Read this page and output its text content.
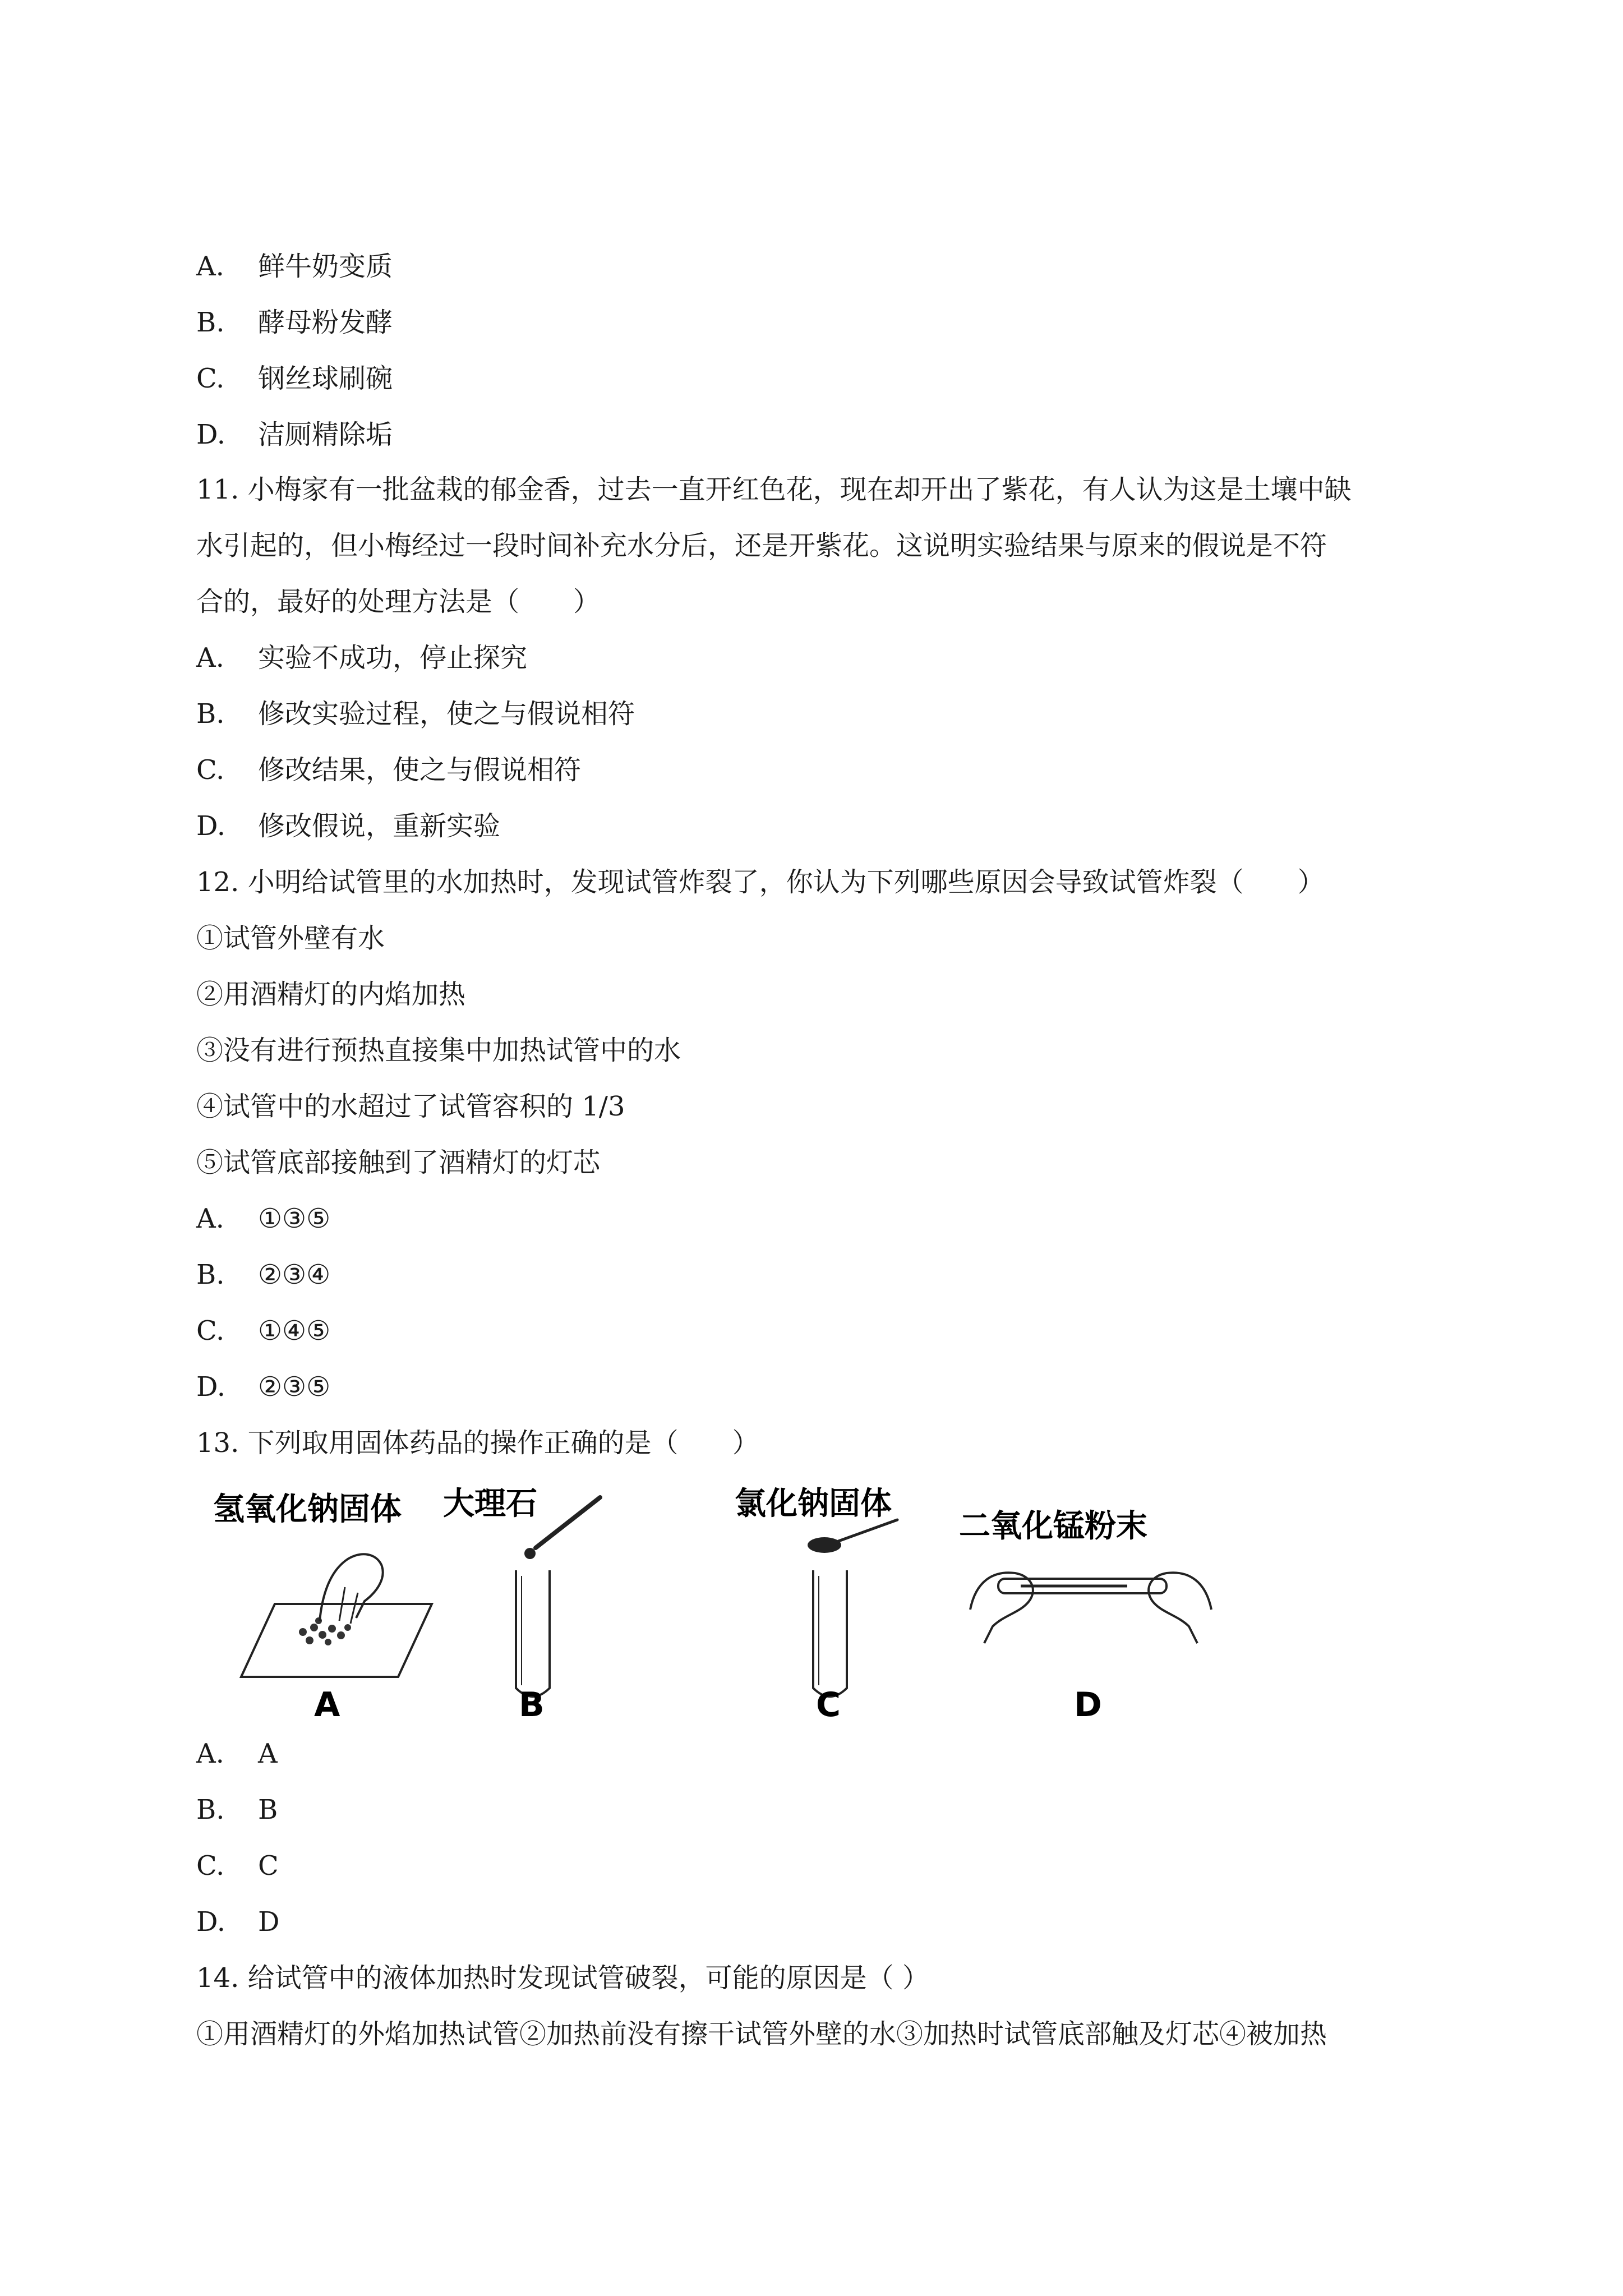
A. 鲜牛奶变质
B. 酵母粉发酵
C. 钢丝球刷碗
D. 洁厕精除垢
11. 小梅家有一批盆栽的郁金香，过去一直开红色花，现在却开出了紫花，有人认为这是土壤中缺
水引起的，但小梅经过一段时间补充水分后，还是开紫花。这说明实验结果与原来的假说是不符
合的，最好的处理方法是（　　）
A. 实验不成功，停止探究
B. 修改实验过程，使之与假说相符
C. 修改结果，使之与假说相符
D. 修改假说，重新实验
12. 小明给试管里的水加热时，发现试管炸裂了，你认为下列哪些原因会导致试管炸裂（　　）
①试管外壁有水
②用酒精灯的内焰加热
③没有进行预热直接集中加热试管中的水
④试管中的水超过了试管容积的 1/3
⑤试管底部接触到了酒精灯的灯芯
A. ①③⑤
B. ②③④
C. ①④⑤
D. ②③⑤
13. 下列取用固体药品的操作正确的是（　　）
氢氧化钠固体
A
大理石
B
氯化钠固体
C
二氧化锰粉末
D
A. A
B. B
C. C
D. D
14. 给试管中的液体加热时发现试管破裂，可能的原因是（ ）
①用酒精灯的外焰加热试管②加热前没有擦干试管外壁的水③加热时试管底部触及灯芯④被加热
